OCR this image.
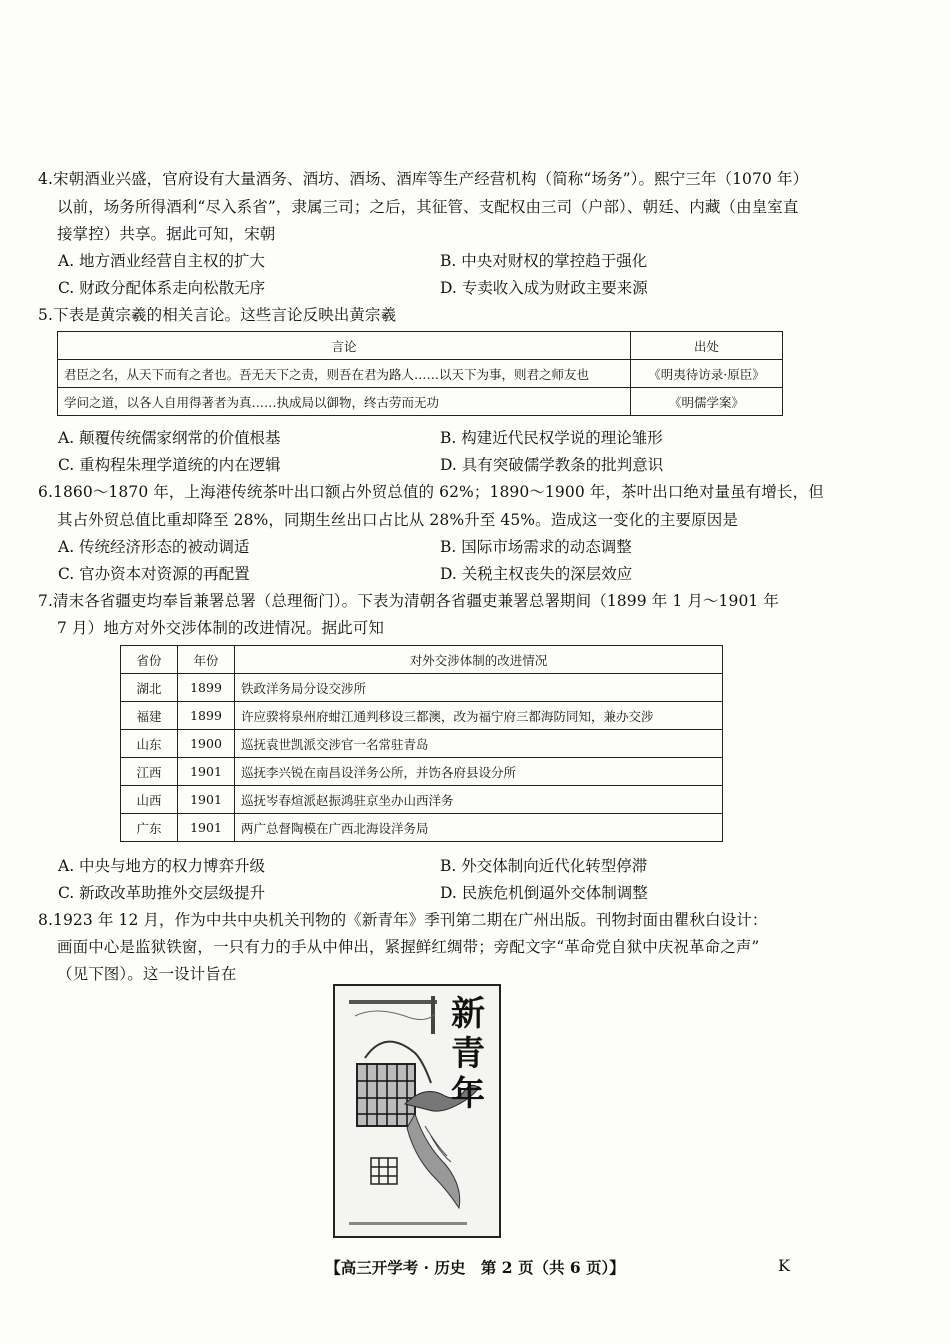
4.宋朝酒业兴盛，官府设有大量酒务、酒坊、酒场、酒库等生产经营机构（简称“场务”）。熙宁三年（1070 年）
以前，场务所得酒利“尽入系省”，隶属三司；之后，其征管、支配权由三司（户部）、朝廷、内藏（由皇室直
接掌控）共享。据此可知，宋朝
A. 地方酒业经营自主权的扩大	B. 中央对财权的掌控趋于强化
C. 财政分配体系走向松散无序	D. 专卖收入成为财政主要来源
5.下表是黄宗羲的相关言论。这些言论反映出黄宗羲
言论	出处
君臣之名，从天下而有之者也。吾无天下之责，则吾在君为路人……以天下为事，则君之师友也	《明夷待访录·原臣》
学问之道，以各人自用得著者为真……执成局以御物，终古劳而无功	《明儒学案》
A. 颠覆传统儒家纲常的价值根基	B. 构建近代民权学说的理论雏形
C. 重构程朱理学道统的内在逻辑	D. 具有突破儒学教条的批判意识
6.1860～1870 年，上海港传统茶叶出口额占外贸总值的 62%；1890～1900 年，茶叶出口绝对量虽有增长，但
其占外贸总值比重却降至 28%，同期生丝出口占比从 28%升至 45%。造成这一变化的主要原因是
A. 传统经济形态的被动调适	B. 国际市场需求的动态调整
C. 官办资本对资源的再配置	D. 关税主权丧失的深层效应
7.清末各省疆吏均奉旨兼署总署（总理衙门）。下表为清朝各省疆吏兼署总署期间（1899 年 1 月～1901 年
7 月）地方对外交涉体制的改进情况。据此可知
省份	年份	对外交涉体制的改进情况
湖北	1899	铁政洋务局分设交涉所
福建	1899	许应骙将泉州府蚶江通判移设三都澳，改为福宁府三都海防同知，兼办交涉
山东	1900	巡抚袁世凯派交涉官一名常驻青岛
江西	1901	巡抚李兴锐在南昌设洋务公所，并饬各府县设分所
山西	1901	巡抚岑春煊派赵振鸿驻京坐办山西洋务
广东	1901	两广总督陶模在广西北海设洋务局
A. 中央与地方的权力博弈升级	B. 外交体制向近代化转型停滞
C. 新政改革助推外交层级提升	D. 民族危机倒逼外交体制调整
8.1923 年 12 月，作为中共中央机关刊物的《新青年》季刊第二期在广州出版。刊物封面由瞿秋白设计：
画面中心是监狱铁窗，一只有力的手从中伸出，紧握鲜红绸带；旁配文字“革命党自狱中庆祝革命之声”
（见下图）。这一设计旨在
新
青
年
【高三开学考 · 历史　第 2 页（共 6 页）】	K
